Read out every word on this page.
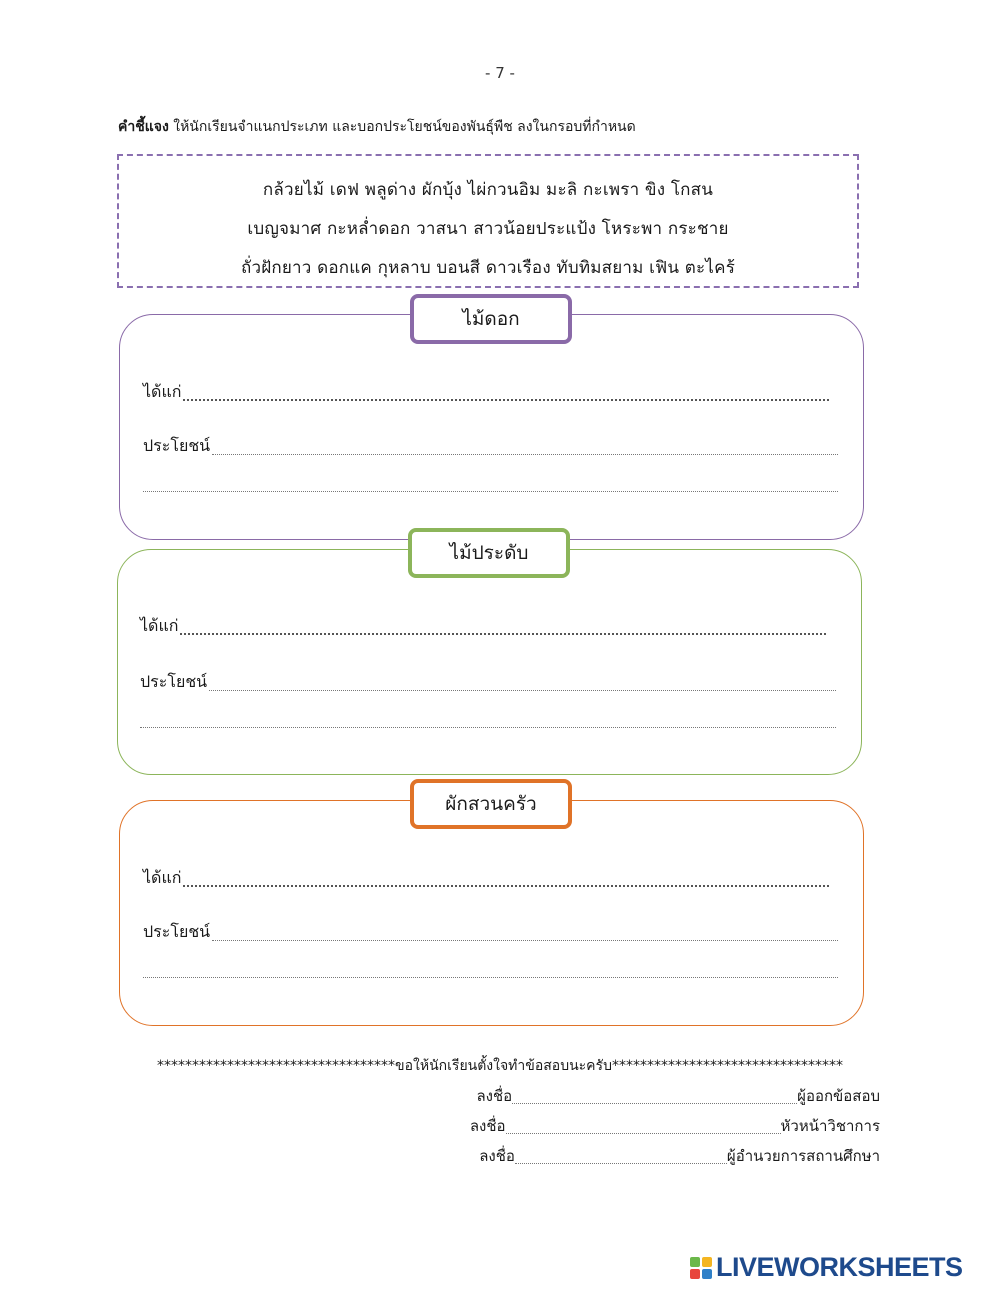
- 7 -
คำชี้แจง ให้นักเรียนจำแนกประเภท และบอกประโยชน์ของพันธุ์พืช ลงในกรอบที่กำหนด
กล้วยไม้ เดฟ พลูด่าง ผักบุ้ง ไผ่กวนอิม มะลิ กะเพรา ขิง โกสน
เบญจมาศ กะหล่ำดอก วาสนา สาวน้อยประแป้ง โหระพา กระชาย
ถั่วฝักยาว ดอกแค กุหลาบ บอนสี ดาวเรือง ทับทิมสยาม เฟิน ตะไคร้
ไม้ดอก
ได้แก่
ประโยชน์
ไม้ประดับ
ได้แก่
ประโยชน์
ผักสวนครัว
ได้แก่
ประโยชน์
**********************************ขอให้นักเรียนตั้งใจทำข้อสอบนะครับ*********************************
ลงชื่อ	ผู้ออกข้อสอบ
ลงชื่อ	หัวหน้าวิชาการ
ลงชื่อ	ผู้อำนวยการสถานศึกษา
LIVEWORKSHEETS
